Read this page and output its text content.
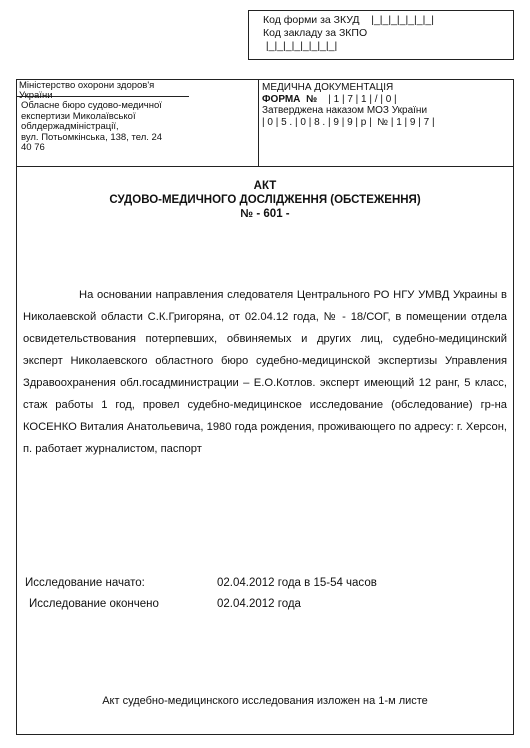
Код форми за ЗКУД |_|_|_|_|_|_|_|
Код закладу за ЗКПО
|_|_|_|_|_|_|_|_|
Міністерство охорони здоров'я України
Обласне бюро судово-медичної
експертизи Миколаївської
облдержадміністрації,
вул. Потьомкінська, 138, тел. 24
40 76
МЕДИЧНА ДОКУМЕНТАЦІЯ
ФОРМА  № | 1 | 7 | 1 | / | 0 |
Затверджена наказом МОЗ України
| 0 | 5 . | 0 | 8 . | 9 | 9 | р | № | 1 | 9 | 7 |
АКТ
СУДОВО-МЕДИЧНОГО ДОСЛІДЖЕННЯ (ОБСТЕЖЕННЯ)
№ - 601 -

На основании направления следователя Центрального РО НГУ УМВД Украины в Николаевской области С.К.Григоряна, от 02.04.12 года, № - 18/СОГ, в помещении отдела освидетельствования потерпевших, обвиняемых и других лиц, судебно-медицинский эксперт Николаевского областного бюро судебно-медицинской экспертизы Управления Здравоохранения обл.госадминистрации – Е.О.Котлов. эксперт имеющий 12 ранг, 5 класс, стаж работы 1 год, провел судебно-медицинское исследование (обследование) гр-на КОСЕНКО Виталия Анатольевича, 1980 года рождения, проживающего по адресу: г. Херсон, п. работает журналистом, паспорт

Исследование начато:	02.04.2012 года в 15-54 часов
Исследование окончено	02.04.2012 года
Акт судебно-медицинского исследования изложен на 1-м листе
